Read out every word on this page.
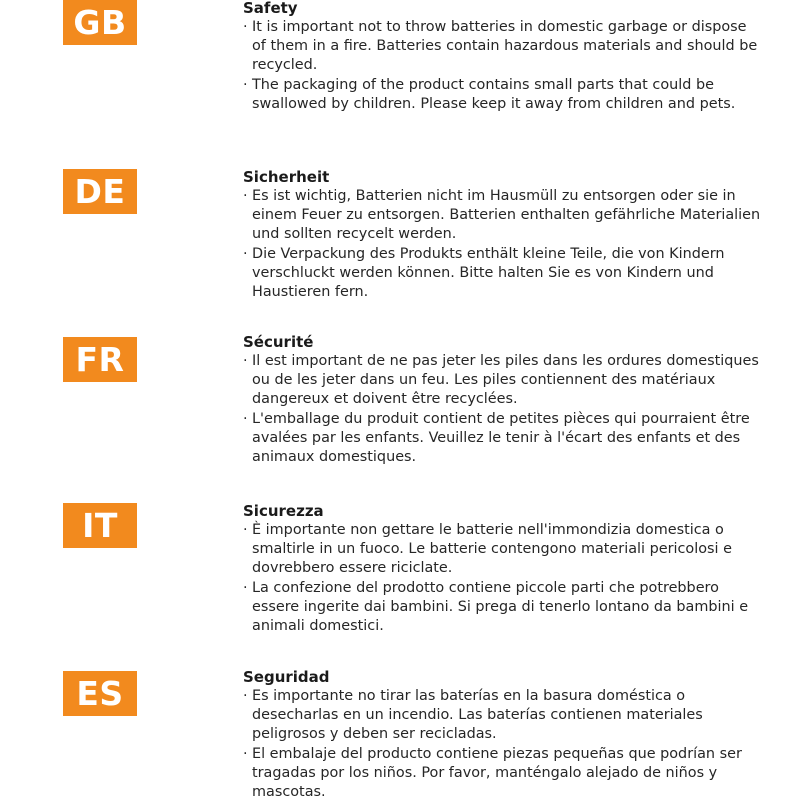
GB	Safety
· It is important not to throw batteries in domestic garbage or dispose of them in a fire. Batteries contain hazardous materials and should be recycled.
· The packaging of the product contains small parts that could be swallowed by children. Please keep it away from children and pets.
DE	Sicherheit
· Es ist wichtig, Batterien nicht im Hausmüll zu entsorgen oder sie in einem Feuer zu entsorgen. Batterien enthalten gefährliche Materialien und sollten recycelt werden.
· Die Verpackung des Produkts enthält kleine Teile, die von Kindern verschluckt werden können. Bitte halten Sie es von Kindern und Haustieren fern.
FR	Sécurité
· Il est important de ne pas jeter les piles dans les ordures domestiques ou de les jeter dans un feu. Les piles contiennent des matériaux dangereux et doivent être recyclées.
· L'emballage du produit contient de petites pièces qui pourraient être avalées par les enfants. Veuillez le tenir à l'écart des enfants et des animaux domestiques.
IT	Sicurezza
· È importante non gettare le batterie nell'immondizia domestica o smaltirle in un fuoco. Le batterie contengono materiali pericolosi e dovrebbero essere riciclate.
· La confezione del prodotto contiene piccole parti che potrebbero essere ingerite dai bambini. Si prega di tenerlo lontano da bambini e animali domestici.
ES	Seguridad
· Es importante no tirar las baterías en la basura doméstica o desecharlas en un incendio. Las baterías contienen materiales peligrosos y deben ser recicladas.
· El embalaje del producto contiene piezas pequeñas que podrían ser tragadas por los niños. Por favor, manténgalo alejado de niños y mascotas.
